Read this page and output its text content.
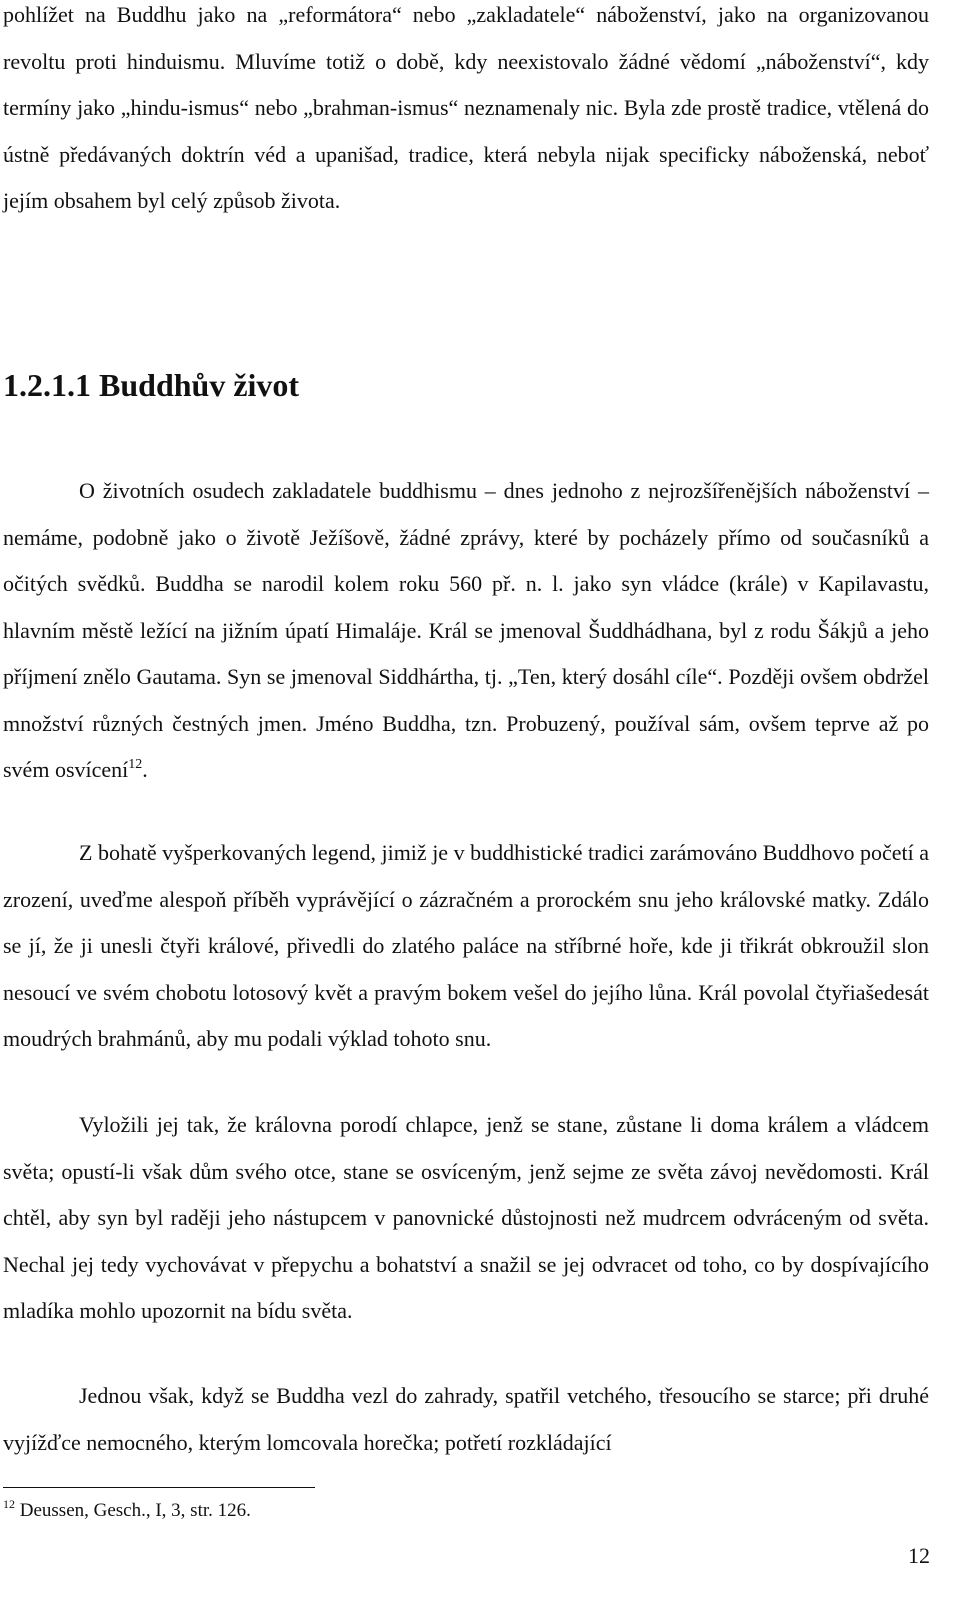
pohlížet na Buddhu jako na „reformátora“ nebo „zakladatele“ náboženství, jako na organizovanou revoltu proti hinduismu. Mluvíme totiž o době, kdy neexistovalo žádné vědomí „náboženství“, kdy termíny jako „hindu-ismus“ nebo „brahman-ismus“ neznamenaly nic. Byla zde prostě tradice, vtělená do ústně předávaných doktrín véd a upanišad, tradice, která nebyla nijak specificky náboženská, neboť jejím obsahem byl celý způsob života.

1.2.1.1 Buddhův život

O životních osudech zakladatele buddhismu – dnes jednoho z nejrozšířenějších náboženství – nemáme, podobně jako o životě Ježíšově, žádné zprávy, které by pocházely přímo od současníků a očitých svědků. Buddha se narodil kolem roku 560 př. n. l. jako syn vládce (krále) v Kapilavastu, hlavním městě ležící na jižním úpatí Himaláje. Král se jmenoval Šuddhádhana, byl z rodu Šákjů a jeho příjmení znělo Gautama. Syn se jmenoval Siddhártha, tj. „Ten, který dosáhl cíle“. Později ovšem obdržel množství různých čestných jmen. Jméno Buddha, tzn. Probuzený, používal sám, ovšem teprve až po svém osvícení$^{12}$.

Z bohatě vyšperkovaných legend, jimiž je v buddhistické tradici zarámováno Buddhovo početí a zrození, uveďme alespoň příběh vyprávějící o zázračném a prorockém snu jeho královské matky. Zdálo se jí, že ji unesli čtyři králové, přivedli do zlatého paláce na stříbrné hoře, kde ji třikrát obkroužil slon nesoucí ve svém chobotu lotosový květ a pravým bokem vešel do jejího lůna. Král povolal čtyřiašedesát moudrých brahmánů, aby mu podali výklad tohoto snu.

Vyložili jej tak, že královna porodí chlapce, jenž se stane, zůstane li doma králem a vládcem světa; opustí-li však dům svého otce, stane se osvíceným, jenž sejme ze světa závoj nevědomosti. Král chtěl, aby syn byl raději jeho nástupcem v panovnické důstojnosti než mudrcem odvráceným od světa. Nechal jej tedy vychovávat v přepychu a bohatství a snažil se jej odvracet od toho, co by dospívajícího mladíka mohlo upozornit na bídu světa.

Jednou však, když se Buddha vezl do zahrady, spatřil vetchého, třesoucího se starce; při druhé vyjížďce nemocného, kterým lomcovala horečka; potřetí rozkládající

$^{12}$ Deussen, Gesch., I, 3, str. 126.

12
